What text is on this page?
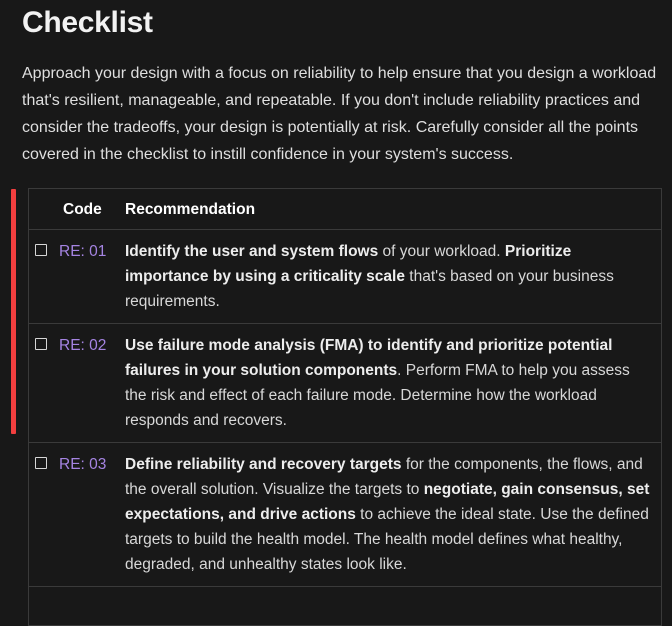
Checklist

Approach your design with a focus on reliability to help ensure that you design a workload that's resilient, manageable, and repeatable. If you don't include reliability practices and consider the tradeoffs, your design is potentially at risk. Carefully consider all the points covered in the checklist to instill confidence in your system's success.

	Code	Recommendation
	RE: 01	Identify the user and system flows of your workload. Prioritize importance by using a criticality scale that's based on your business requirements.
	RE: 02	Use failure mode analysis (FMA) to identify and prioritize potential failures in your solution components. Perform FMA to help you assess the risk and effect of each failure mode. Determine how the workload responds and recovers.
	RE: 03	Define reliability and recovery targets for the components, the flows, and the overall solution. Visualize the targets to negotiate, gain consensus, set expectations, and drive actions to achieve the ideal state. Use the defined targets to build the health model. The health model defines what healthy, degraded, and unhealthy states look like.
